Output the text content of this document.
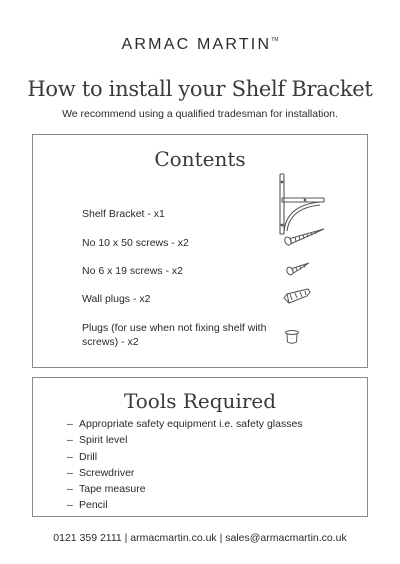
ARMAC MARTIN™
How to install your Shelf Bracket
We recommend using a qualified tradesman for installation.
Contents
Shelf Bracket - x1
No 10 x 50 screws - x2
No 6 x 19 screws - x2
Wall plugs - x2
Plugs (for use when not fixing shelf with screws) - x2
Tools Required
– Appropriate safety equipment i.e. safety glasses
– Spirit level
– Drill
– Screwdriver
– Tape measure
– Pencil
0121 359 2111 | armacmartin.co.uk | sales@armacmartin.co.uk
